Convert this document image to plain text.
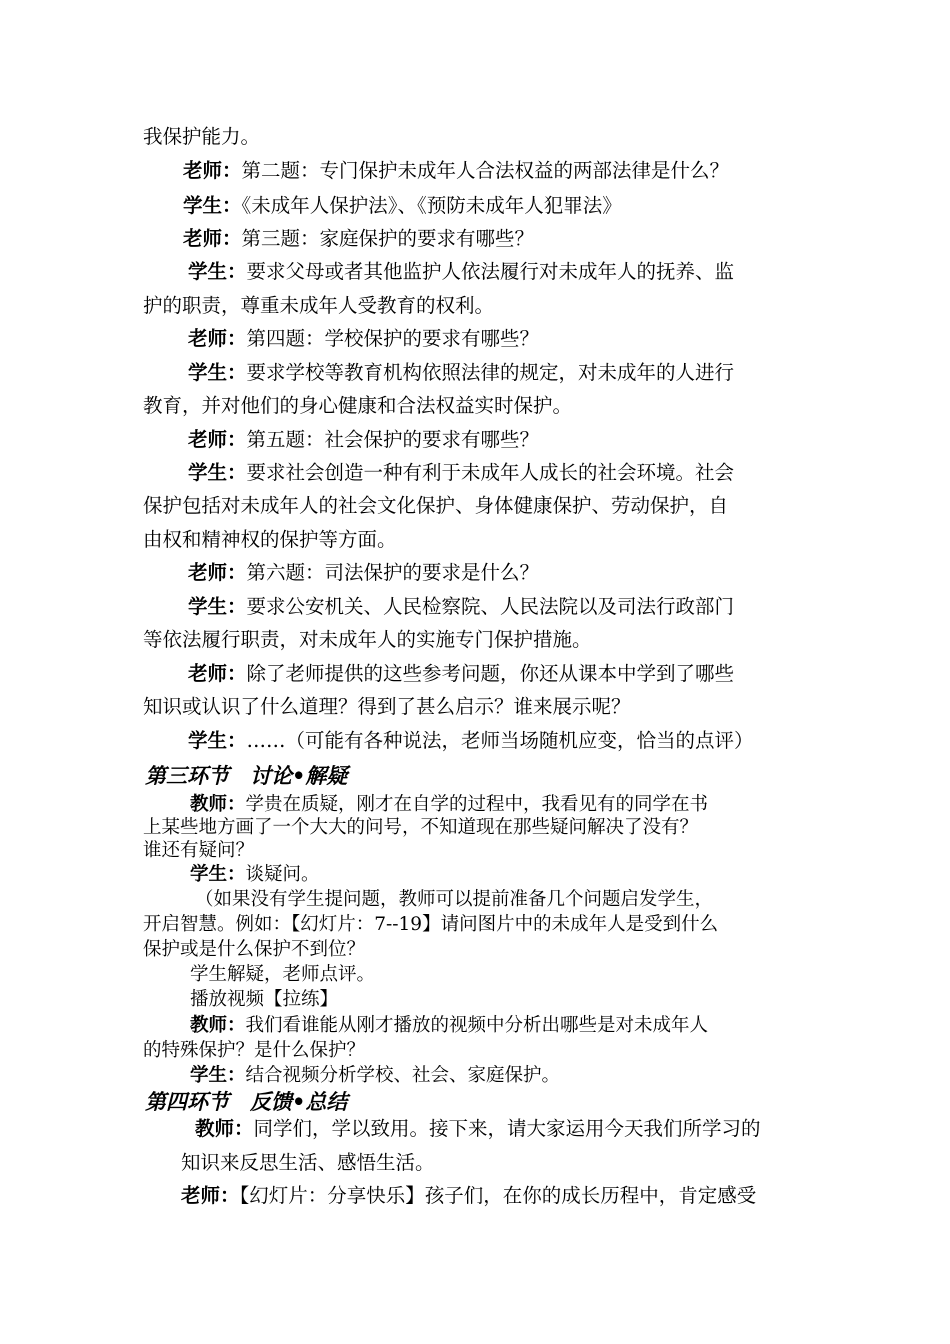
我保护能力。
老师：第二题：专门保护未成年人合法权益的两部法律是什么？
学生：《未成年人保护法》、《预防未成年人犯罪法》
老师：第三题：家庭保护的要求有哪些？
学生：要求父母或者其他监护人依法履行对未成年人的抚养、监
护的职责，尊重未成年人受教育的权利。
老师：第四题：学校保护的要求有哪些？
学生：要求学校等教育机构依照法律的规定，对未成年的人进行
教育，并对他们的身心健康和合法权益实时保护。
老师：第五题：社会保护的要求有哪些？
学生：要求社会创造一种有利于未成年人成长的社会环境。社会
保护包括对未成年人的社会文化保护、身体健康保护、劳动保护，自
由权和精神权的保护等方面。
老师：第六题：司法保护的要求是什么？
学生：要求公安机关、人民检察院、人民法院以及司法行政部门
等依法履行职责，对未成年人的实施专门保护措施。
老师：除了老师提供的这些参考问题，你还从课本中学到了哪些
知识或认识了什么道理？得到了甚么启示？谁来展示呢？
学生：……（可能有各种说法，老师当场随机应变，恰当的点评）
第三环节　讨论•解疑
教师：学贵在质疑，刚才在自学的过程中，我看见有的同学在书
上某些地方画了一个大大的问号，不知道现在那些疑问解决了没有？
谁还有疑问？
学生：谈疑问。
（如果没有学生提问题，教师可以提前准备几个问题启发学生，
开启智慧。例如：【幻灯片：7--19】请问图片中的未成年人是受到什么
保护或是什么保护不到位？
学生解疑，老师点评。
播放视频【拉练】
教师：我们看谁能从刚才播放的视频中分析出哪些是对未成年人
的特殊保护？是什么保护？
学生：结合视频分析学校、社会、家庭保护。
第四环节　反馈•总结
教师：同学们，学以致用。接下来，请大家运用今天我们所学习的
知识来反思生活、感悟生活。
老师：【幻灯片：分享快乐】孩子们，在你的成长历程中，肯定感受
